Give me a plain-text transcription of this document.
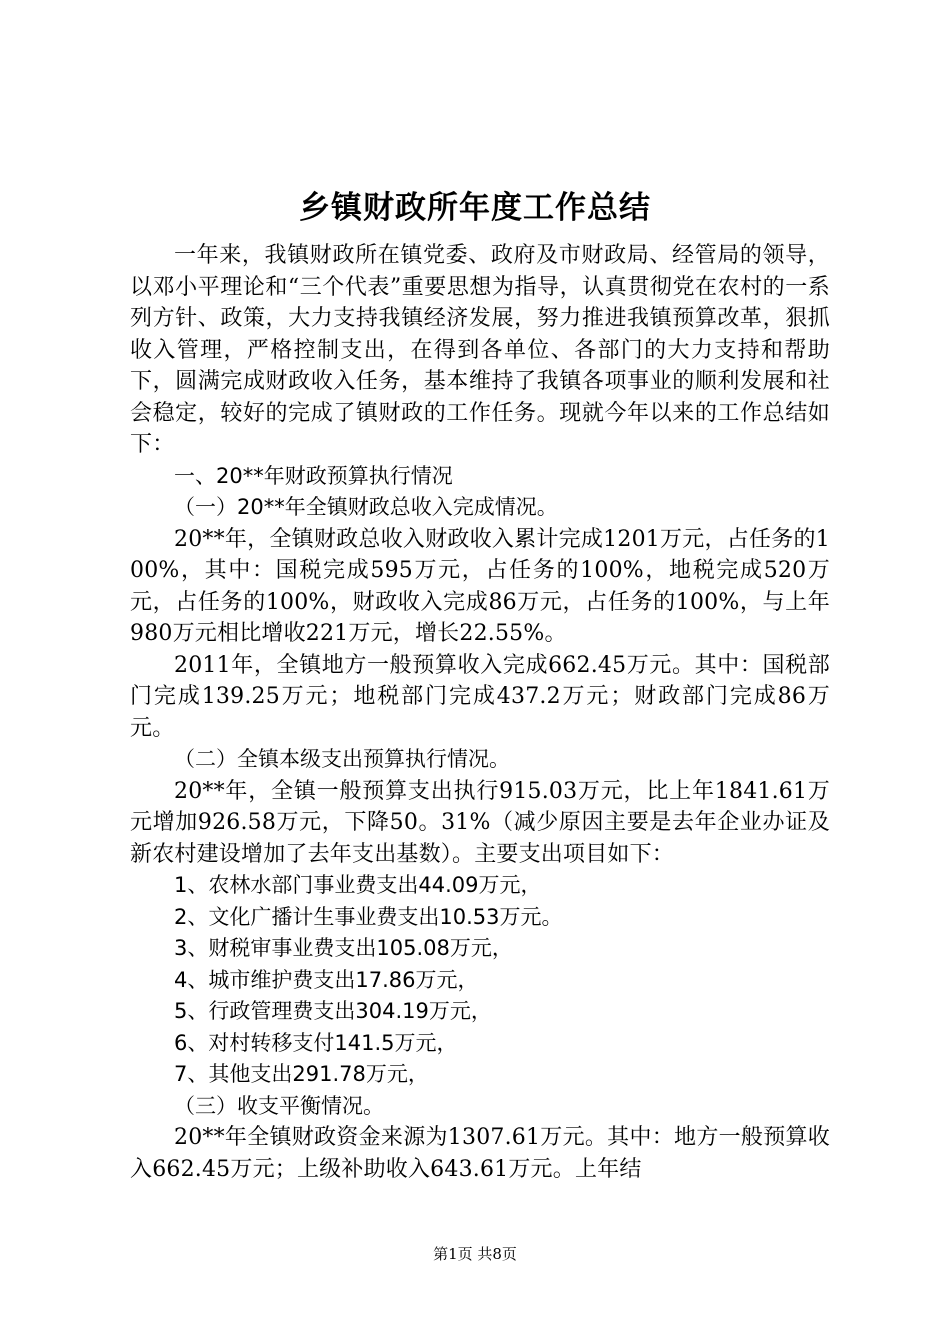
乡镇财政所年度工作总结

一年来，我镇财政所在镇党委、政府及市财政局、经管局的领导，以邓小平理论和“三个代表”重要思想为指导，认真贯彻党在农村的一系列方针、政策，大力支持我镇经济发展，努力推进我镇预算改革，狠抓收入管理，严格控制支出，在得到各单位、各部门的大力支持和帮助下，圆满完成财政收入任务，基本维持了我镇各项事业的顺利发展和社会稳定，较好的完成了镇财政的工作任务。现就今年以来的工作总结如下：

一、20**年财政预算执行情况

（一）20**年全镇财政总收入完成情况。

20**年，全镇财政总收入财政收入累计完成1201万元，占任务的100%，其中：国税完成595万元，占任务的100%，地税完成520万元，占任务的100%，财政收入完成86万元，占任务的100%，与上年980万元相比增收221万元，增长22.55%。

2011年，全镇地方一般预算收入完成662.45万元。其中：国税部门完成139.25万元；地税部门完成437.2万元；财政部门完成86万元。

（二）全镇本级支出预算执行情况。

20**年，全镇一般预算支出执行915.03万元，比上年1841.61万元增加926.58万元，下降50。31%（减少原因主要是去年企业办证及新农村建设增加了去年支出基数）。主要支出项目如下：

1、农林水部门事业费支出44.09万元，

2、文化广播计生事业费支出10.53万元。

3、财税审事业费支出105.08万元，

4、城市维护费支出17.86万元，

5、行政管理费支出304.19万元，

6、对村转移支付141.5万元，

7、其他支出291.78万元，

（三）收支平衡情况。

20**年全镇财政资金来源为1307.61万元。其中：地方一般预算收入662.45万元；上级补助收入643.61万元。上年结

第1页 共8页
